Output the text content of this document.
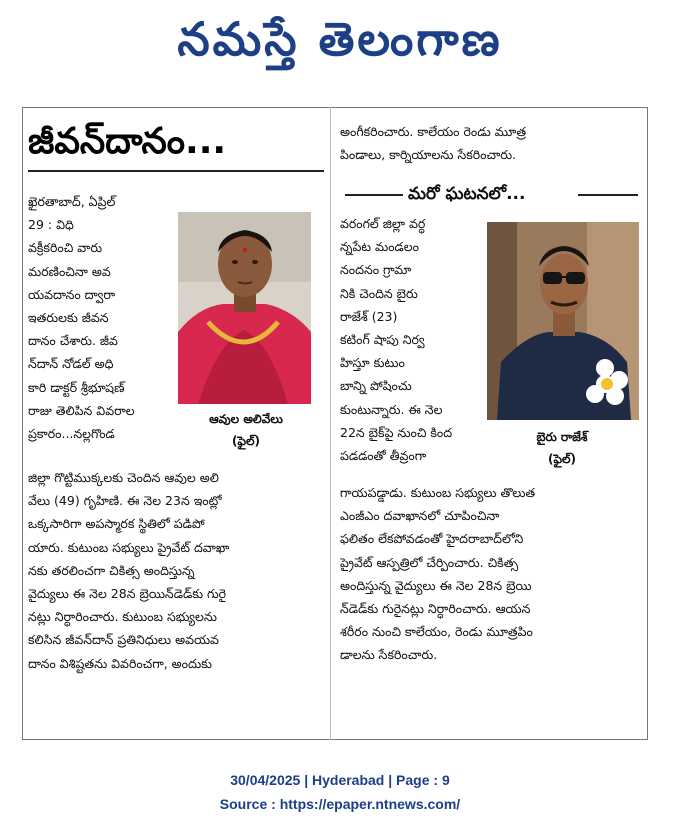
నమస్తే తెలంగాణ
జీవన్‌దానం...

ఖైరతాబాద్, ఏప్రిల్
29 : విధి
వక్రీకరించి వారు
మరణించినా అవ
యవదానం ద్వారా
ఇతరులకు జీవన
దానం చేశారు. జీవ
న్‌దాన్ నోడల్ అధి
కారి డాక్టర్ శ్రీభూషణ్
రాజు తెలిపిన వివరాల
ప్రకారం...నల్లగొండ

ఆవుల అలివేలు
(ఫైల్)

జిల్లా గొట్టిముక్కలకు చెందిన ఆవుల అలి
వేలు (49) గృహిణి. ఈ నెల 23న ఇంట్లో
ఒక్కసారిగా అపస్మారక స్థితిలో పడిపో
యారు. కుటుంబ సభ్యులు ప్రైవేట్ దవాఖా
నకు తరలించగా చికిత్స అందిస్తున్న
వైద్యులు ఈ నెల 28న బ్రెయిన్‌డెడ్‌కు గురై
నట్లు నిర్ధారించారు. కుటుంబ సభ్యులను
కలిసిన జీవన్‌దాన్ ప్రతినిధులు అవయవ
దానం విశిష్టతను వివరించగా, అందుకు

అంగీకరించారు. కాలేయం రెండు మూత్ర
పిండాలు, కార్నియాలను సేకరించారు.

మరో ఘటనలో...

వరంగల్ జిల్లా వర్ధ
న్నపేట మండలం
నందనం గ్రామా
నికి చెందిన బైరు
రాజేశ్ (23)
కటింగ్ షాపు నిర్వ
హిస్తూ కుటుం
బాన్ని పోషించు
కుంటున్నారు. ఈ నెల
22న బైక్‌పై నుంచి కింద
పడడంతో తీవ్రంగా

బైరు రాజేశ్
(ఫైల్)

గాయపడ్డాడు. కుటుంబ సభ్యులు తొలుత
ఎంజీఎం దవాఖానలో చూపించినా
ఫలితం లేకపోవడంతో హైదరాబాద్‌లోని
ప్రైవేట్ ఆస్పత్రిలో చేర్పించారు. చికిత్స
అందిస్తున్న వైద్యులు ఈ నెల 28న బ్రెయి
న్‌డెడ్‌కు గురైనట్లు నిర్ధారించారు. ఆయన
శరీరం నుంచి కాలేయం, రెండు మూత్రపిం
డాలను సేకరించారు.

30/04/2025 | Hyderabad | Page : 9
Source : https://epaper.ntnews.com/
